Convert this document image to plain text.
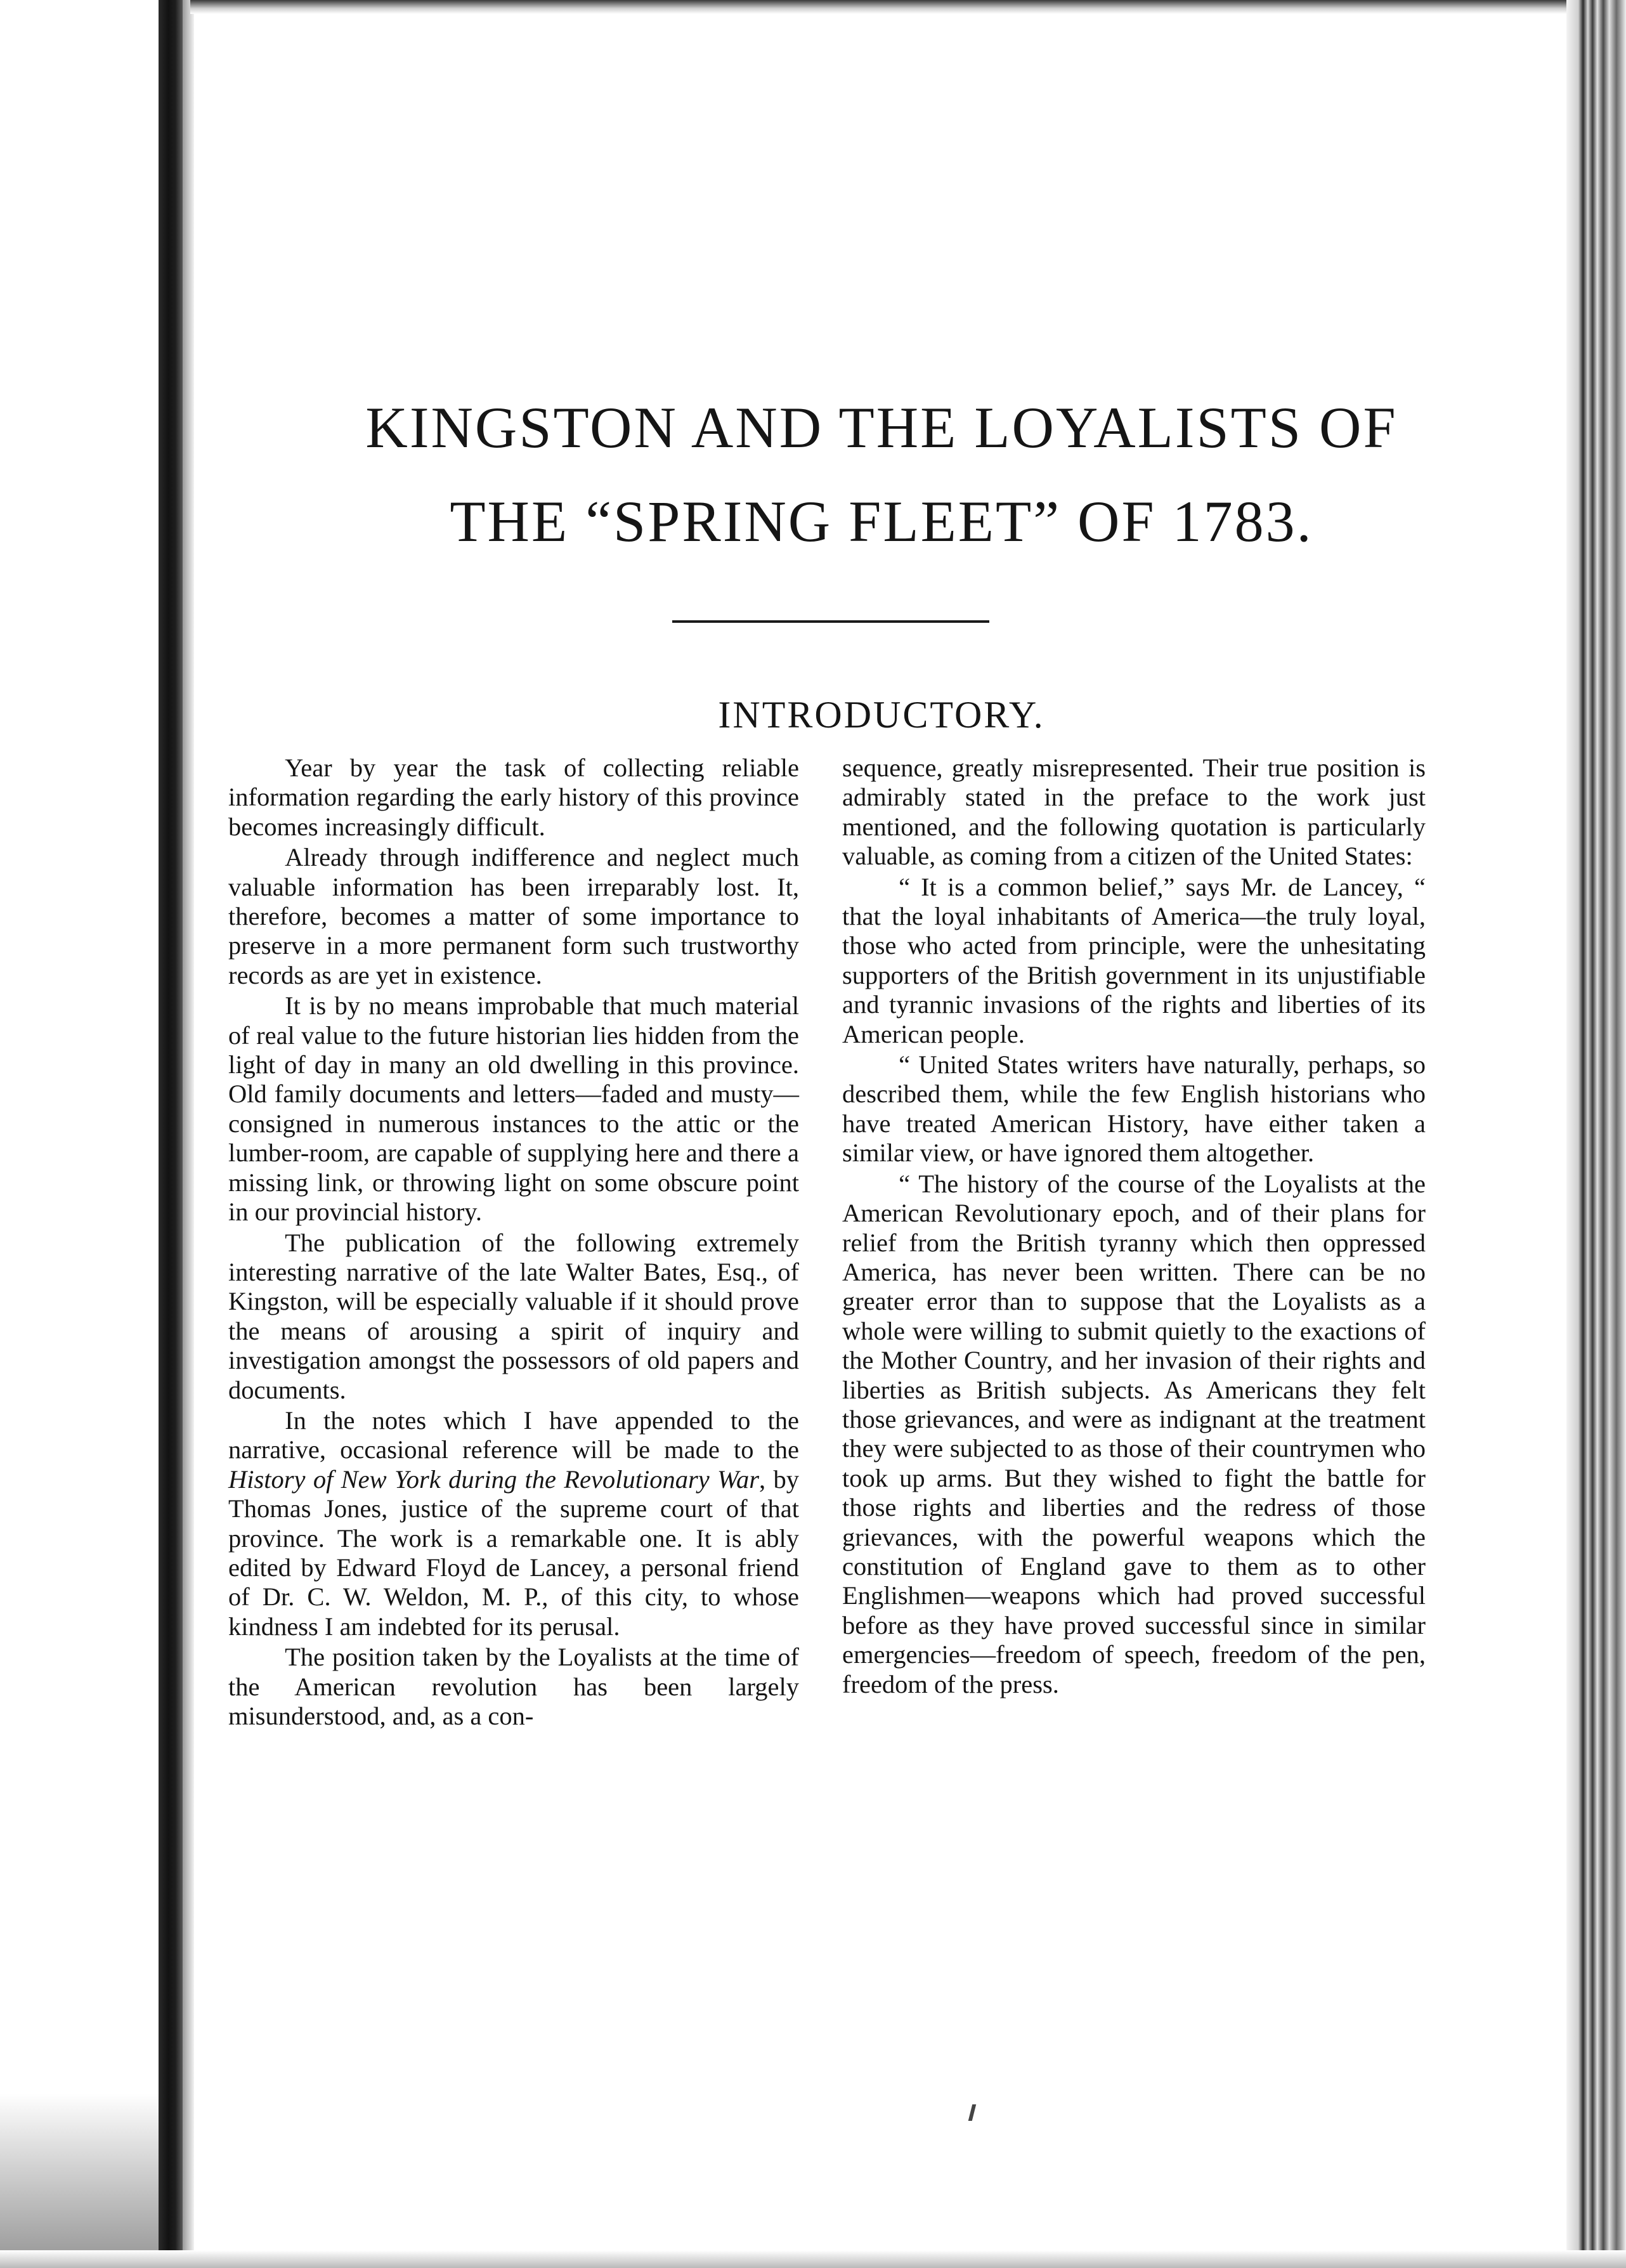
KINGSTON AND THE LOYALISTS OF
THE “SPRING FLEET” OF 1783.
INTRODUCTORY.

Year by year the task of collecting reliable information regarding the early history of this province becomes increasingly difficult.

Already through indifference and neglect much valuable information has been irreparably lost. It, therefore, becomes a matter of some importance to preserve in a more permanent form such trustworthy records as are yet in existence.

It is by no means improbable that much material of real value to the future historian lies hidden from the light of day in many an old dwelling in this province. Old family documents and letters—faded and musty—consigned in numerous instances to the attic or the lumber-room, are capable of supplying here and there a missing link, or throwing light on some obscure point in our provincial history.

The publication of the following extremely interesting narrative of the late Walter Bates, Esq., of Kingston, will be especially valuable if it should prove the means of arousing a spirit of inquiry and investigation amongst the possessors of old papers and documents.

In the notes which I have appended to the narrative, occasional reference will be made to the History of New York during the Revolutionary War, by Thomas Jones, justice of the supreme court of that province. The work is a remarkable one. It is ably edited by Edward Floyd de Lancey, a personal friend of Dr. C. W. Weldon, M. P., of this city, to whose kindness I am indebted for its perusal.

The position taken by the Loyalists at the time of the American revolution has been largely misunderstood, and, as a con-

sequence, greatly misrepresented. Their true position is admirably stated in the preface to the work just mentioned, and the following quotation is particularly valuable, as coming from a citizen of the United States:

“ It is a common belief,” says Mr. de Lancey, “ that the loyal inhabitants of America—the truly loyal, those who acted from principle, were the unhesitating supporters of the British government in its unjustifiable and tyrannic invasions of the rights and liberties of its American people.

“ United States writers have naturally, perhaps, so described them, while the few English historians who have treated American History, have either taken a similar view, or have ignored them altogether.

“ The history of the course of the Loyalists at the American Revolutionary epoch, and of their plans for relief from the British tyranny which then oppressed America, has never been written. There can be no greater error than to suppose that the Loyalists as a whole were willing to submit quietly to the exactions of the Mother Country, and her invasion of their rights and liberties as British subjects. As Americans they felt those grievances, and were as indignant at the treatment they were subjected to as those of their countrymen who took up arms. But they wished to fight the battle for those rights and liberties and the redress of those grievances, with the powerful weapons which the constitution of England gave to them as to other Englishmen—weapons which had proved successful before as they have proved successful since in similar emergencies—freedom of speech, freedom of the pen, freedom of the press.
